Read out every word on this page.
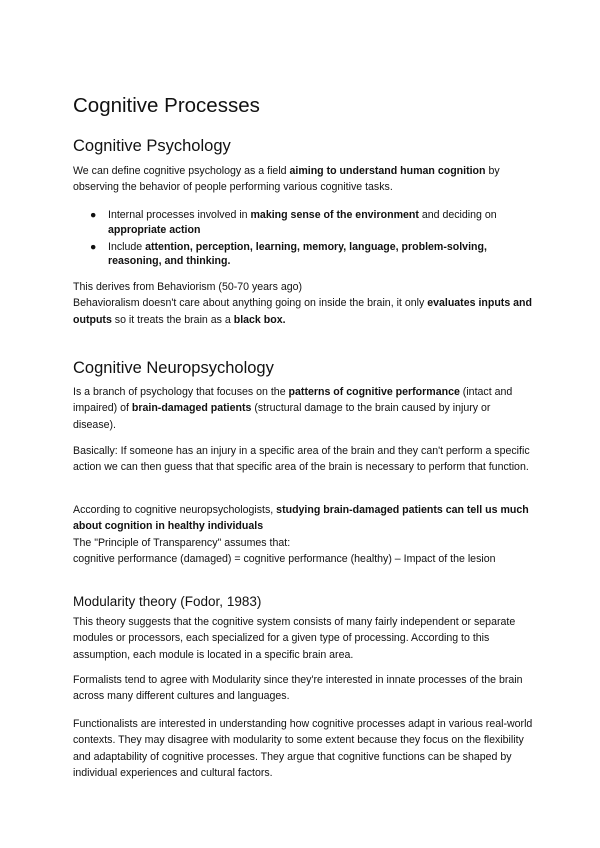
Cognitive Processes
Cognitive Psychology

We can define cognitive psychology as a field aiming to understand human cognition by observing the behavior of people performing various cognitive tasks.

● Internal processes involved in making sense of the environment and deciding on appropriate action
● Include attention, perception, learning, memory, language, problem-solving, reasoning, and thinking.

This derives from Behaviorism (50-70 years ago)
Behavioralism doesn't care about anything going on inside the brain, it only evaluates inputs and outputs so it treats the brain as a black box.

Cognitive Neuropsychology

Is a branch of psychology that focuses on the patterns of cognitive performance (intact and impaired) of brain-damaged patients (structural damage to the brain caused by injury or disease).

Basically: If someone has an injury in a specific area of the brain and they can't perform a specific action we can then guess that that specific area of the brain is necessary to perform that function.

According to cognitive neuropsychologists, studying brain-damaged patients can tell us much about cognition in healthy individuals
The "Principle of Transparency" assumes that:
cognitive performance (damaged) = cognitive performance (healthy) – Impact of the lesion

Modularity theory (Fodor, 1983)

This theory suggests that the cognitive system consists of many fairly independent or separate modules or processors, each specialized for a given type of processing. According to this assumption, each module is located in a specific brain area.

Formalists tend to agree with Modularity since they're interested in innate processes of the brain across many different cultures and languages.

Functionalists are interested in understanding how cognitive processes adapt in various real-world contexts. They may disagree with modularity to some extent because they focus on the flexibility and adaptability of cognitive processes. They argue that cognitive functions can be shaped by individual experiences and cultural factors.
